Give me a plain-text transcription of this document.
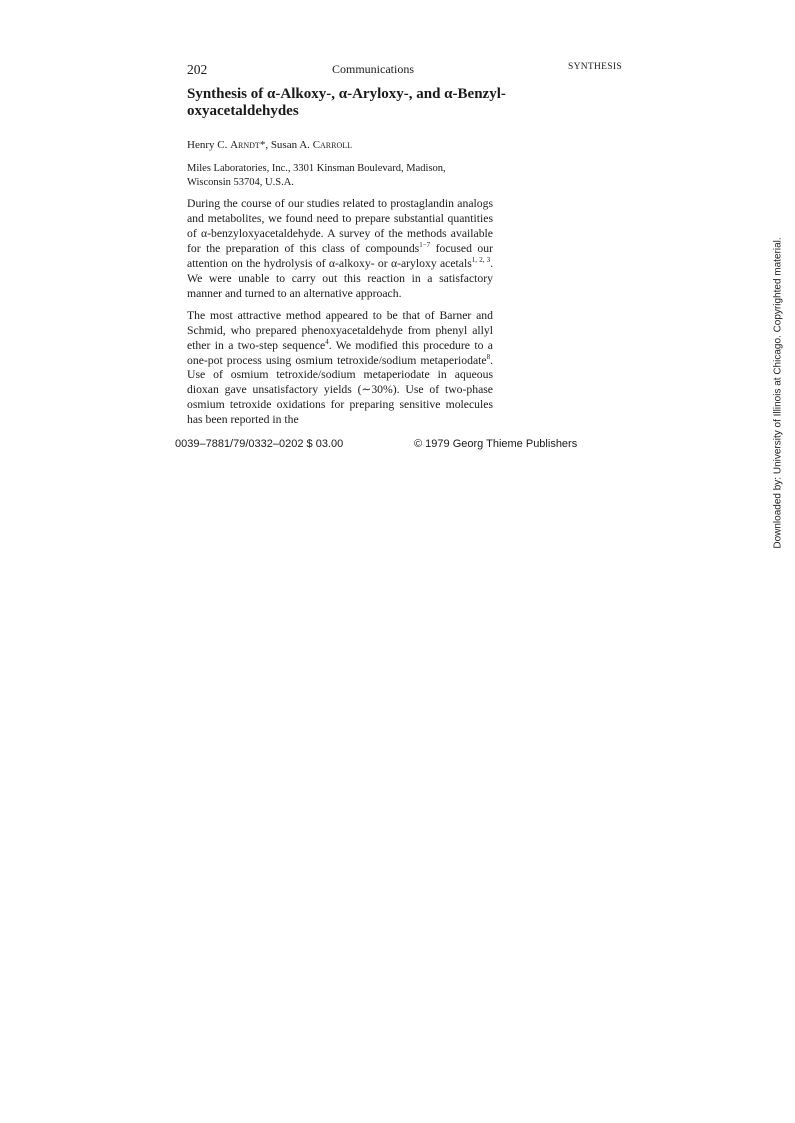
202	Communications	SYNTHESIS
Synthesis of α-Alkoxy-, α-Aryloxy-, and α-Benzyl-oxyacetaldehydes
Henry C. Arndt*, Susan A. Carroll

Miles Laboratories, Inc., 3301 Kinsman Boulevard, Madison, Wisconsin 53704, U.S.A.

During the course of our studies related to prostaglandin analogs and metabolites, we found need to prepare substantial quantities of α-benzyloxyacetaldehyde. A survey of the methods available for the preparation of this class of compounds$^{1-7}$ focused our attention on the hydrolysis of α-alkoxy- or α-aryloxy acetals$^{1, 2, 3}$. We were unable to carry out this reaction in a satisfactory manner and turned to an alternative approach.

The most attractive method appeared to be that of Barner and Schmid, who prepared phenoxyacetaldehyde from phenyl allyl ether in a two-step sequence$^4$. We modified this procedure to a one-pot process using osmium tetroxide/sodium metaperiodate$^8$. Use of osmium tetroxide/sodium metaperiodate in aqueous dioxan gave unsatisfactory yields (∼30%). Use of two-phase osmium tetroxide oxidations for preparing sensitive molecules has been reported in the

0039–7881/79/0332–0202 $ 03.00	© 1979 Georg Thieme Publishers	Downloaded by: University of Illinois at Chicago. Copyrighted material.
